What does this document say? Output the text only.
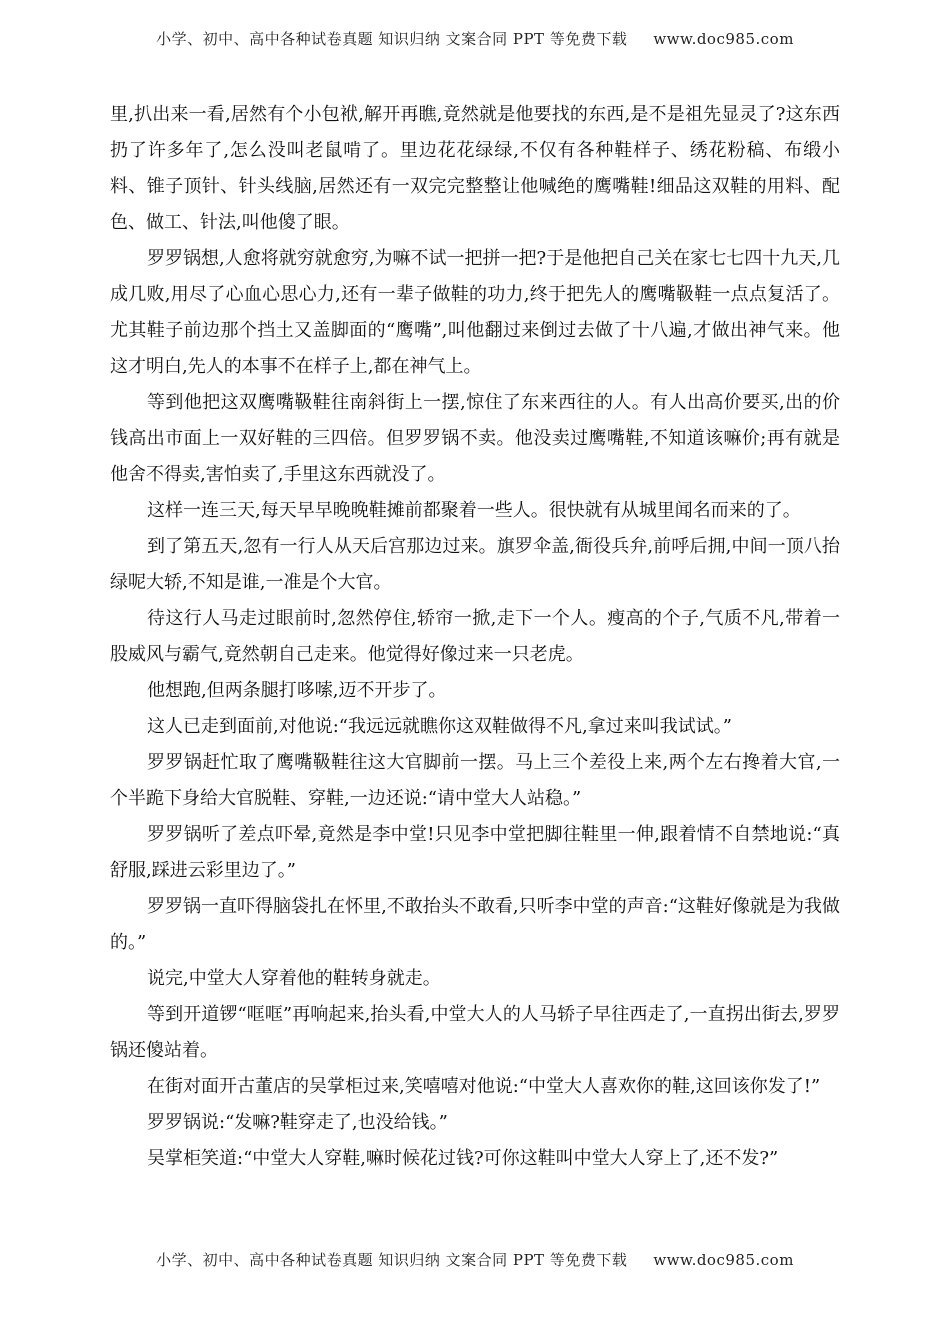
小学、初中、高中各种试卷真题 知识归纳 文案合同 PPT 等免费下载 www.doc985.com

里,扒出来一看,居然有个小包袱,解开再瞧,竟然就是他要找的东西,是不是祖先显灵了?这东西扔了许多年了,怎么没叫老鼠啃了。里边花花绿绿,不仅有各种鞋样子、绣花粉稿、布缎小料、锥子顶针、针头线脑,居然还有一双完完整整让他喊绝的鹰嘴鞋!细品这双鞋的用料、配色、做工、针法,叫他傻了眼。

罗罗锅想,人愈将就穷就愈穷,为嘛不试一把拼一把?于是他把自己关在家七七四十九天,几成几败,用尽了心血心思心力,还有一辈子做鞋的功力,终于把先人的鹰嘴靸鞋一点点复活了。尤其鞋子前边那个挡土又盖脚面的“鹰嘴”,叫他翻过来倒过去做了十八遍,才做出神气来。他这才明白,先人的本事不在样子上,都在神气上。

等到他把这双鹰嘴靸鞋往南斜街上一摆,惊住了东来西往的人。有人出高价要买,出的价钱高出市面上一双好鞋的三四倍。但罗罗锅不卖。他没卖过鹰嘴鞋,不知道该嘛价;再有就是他舍不得卖,害怕卖了,手里这东西就没了。

这样一连三天,每天早早晚晚鞋摊前都聚着一些人。很快就有从城里闻名而来的了。

到了第五天,忽有一行人从天后宫那边过来。旗罗伞盖,衙役兵弁,前呼后拥,中间一顶八抬绿呢大轿,不知是谁,一准是个大官。

待这行人马走过眼前时,忽然停住,轿帘一掀,走下一个人。瘦高的个子,气质不凡,带着一股威风与霸气,竟然朝自己走来。他觉得好像过来一只老虎。

他想跑,但两条腿打哆嗦,迈不开步了。

这人已走到面前,对他说:“我远远就瞧你这双鞋做得不凡,拿过来叫我试试。”

罗罗锅赶忙取了鹰嘴靸鞋往这大官脚前一摆。马上三个差役上来,两个左右搀着大官,一个半跪下身给大官脱鞋、穿鞋,一边还说:“请中堂大人站稳。”

罗罗锅听了差点吓晕,竟然是李中堂!只见李中堂把脚往鞋里一伸,跟着情不自禁地说:“真舒服,踩进云彩里边了。”

罗罗锅一直吓得脑袋扎在怀里,不敢抬头不敢看,只听李中堂的声音:“这鞋好像就是为我做的。”

说完,中堂大人穿着他的鞋转身就走。

等到开道锣“哐哐”再响起来,抬头看,中堂大人的人马轿子早往西走了,一直拐出街去,罗罗锅还傻站着。

在街对面开古董店的吴掌柜过来,笑嘻嘻对他说:“中堂大人喜欢你的鞋,这回该你发了!”

罗罗锅说:“发嘛?鞋穿走了,也没给钱。”

吴掌柜笑道:“中堂大人穿鞋,嘛时候花过钱?可你这鞋叫中堂大人穿上了,还不发?”

小学、初中、高中各种试卷真题 知识归纳 文案合同 PPT 等免费下载 www.doc985.com
